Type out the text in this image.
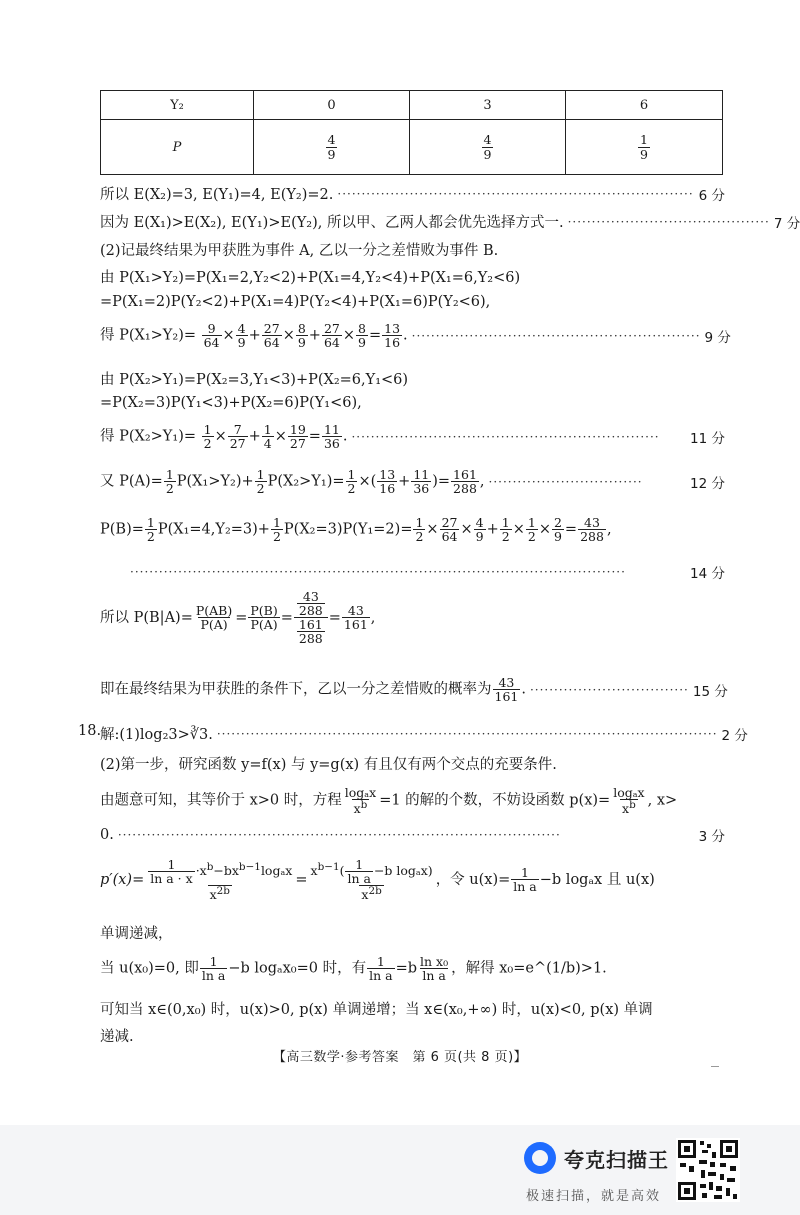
Y₂	0	3	6
P	$\frac{4}{9}$	$\frac{4}{9}$	$\frac{1}{9}$
所以 E(X₂)=3, E(Y₁)=4, E(Y₂)=2. ·········································································· 6 分
因为 E(X₁)>E(X₂), E(Y₁)>E(Y₂), 所以甲、乙两人都会优先选择方式一. ·········································· 7 分
(2)记最终结果为甲获胜为事件 A, 乙以一分之差惜败为事件 B.
由 P(X₁>Y₂)=P(X₁=2,Y₂<2)+P(X₁=4,Y₂<4)+P(X₁=6,Y₂<6)
=P(X₁=2)P(Y₂<2)+P(X₁=4)P(Y₂<4)+P(X₁=6)P(Y₂<6),
得 $P(X_1>Y_2)= \frac{9}{64} \times \frac{4}{9} + \frac{27}{64} \times \frac{8}{9} + \frac{27}{64} \times \frac{8}{9} = \frac{13}{16}$ . ···························································· 9 分
由 P(X₂>Y₁)=P(X₂=3,Y₁<3)+P(X₂=6,Y₁<6)
=P(X₂=3)P(Y₁<3)+P(X₂=6)P(Y₁<6),
得 $P(X_2>Y_1)= \frac{1}{2} \times \frac{7}{27} + \frac{1}{4} \times \frac{19}{27} = \frac{11}{36}$ . ································································	11 分
又 $P(A)= \frac{1}{2} P(X_1>Y_2)+ \frac{1}{2} P(X_2>Y_1)= \frac{1}{2}$ ×( $\frac{13}{16} + \frac{11}{36}$ )= $\frac{161}{288}$ , ································	12 分
$P(B)= \frac{1}{2} P(X_1=4,Y_2=3)+ \frac{1}{2} P(X_2=3)P(Y_1=2)= \frac{1}{2} \times \frac{27}{64} \times \frac{4}{9} + \frac{1}{2} \times \frac{1}{2} \times \frac{2}{9} = \frac{43}{288}$ ,
·······································································································	14 分
所以 $P(B|A)= \frac{P(AB)}{P(A)} = \frac{P(B)}{P(A)} = \frac{\frac{43}{288}}{\frac{161}{288}} = \frac{43}{161}$ ,
即在最终结果为甲获胜的条件下，乙以一分之差惜败的概率为 $\frac{43}{161}$ . ································· 15 分
18.
解:(1)log₂3>∛3. ········································································································ 2 分
(2)第一步，研究函数 y=f(x) 与 y=g(x) 有且仅有两个交点的充要条件.
由题意可知，其等价于 x>0 时，方程 $\frac{\text{logₐx}}{x^b} =1$ 的解的个数，不妨设函数 $p(x)= \frac{\text{logₐx}}{x^b}$ , x>
0. ····························································································	3 分
$p'(x)= \frac{\frac{1}{\text{ln a · x}} \cdot x^b-bx^{b-1}\log_ax}{x^{2b}} = \frac{x^{b-1}( \frac{1}{\text{ln a}} -b \log_ax)}{x^{2b}}$ ，令 $u(x)= \frac{1}{\text{ln a}} -b$ logₐx 且 u(x)
单调递减，
当 u(x₀)=0, 即 $\frac{1}{\text{ln a}} -b$ logₐx₀=0 时，有 $\frac{1}{\text{ln a}} =b \frac{\text{ln x₀}}{\text{ln a}}$ ，解得 x₀=e^(1/b)>1.
可知当 x∈(0,x₀) 时，u(x)>0, p(x) 单调递增；当 x∈(x₀,+∞) 时，u(x)<0, p(x) 单调
递减.
【高三数学·参考答案　第 6 页(共 8 页)】
夸克扫描王
极速扫描，就是高效
